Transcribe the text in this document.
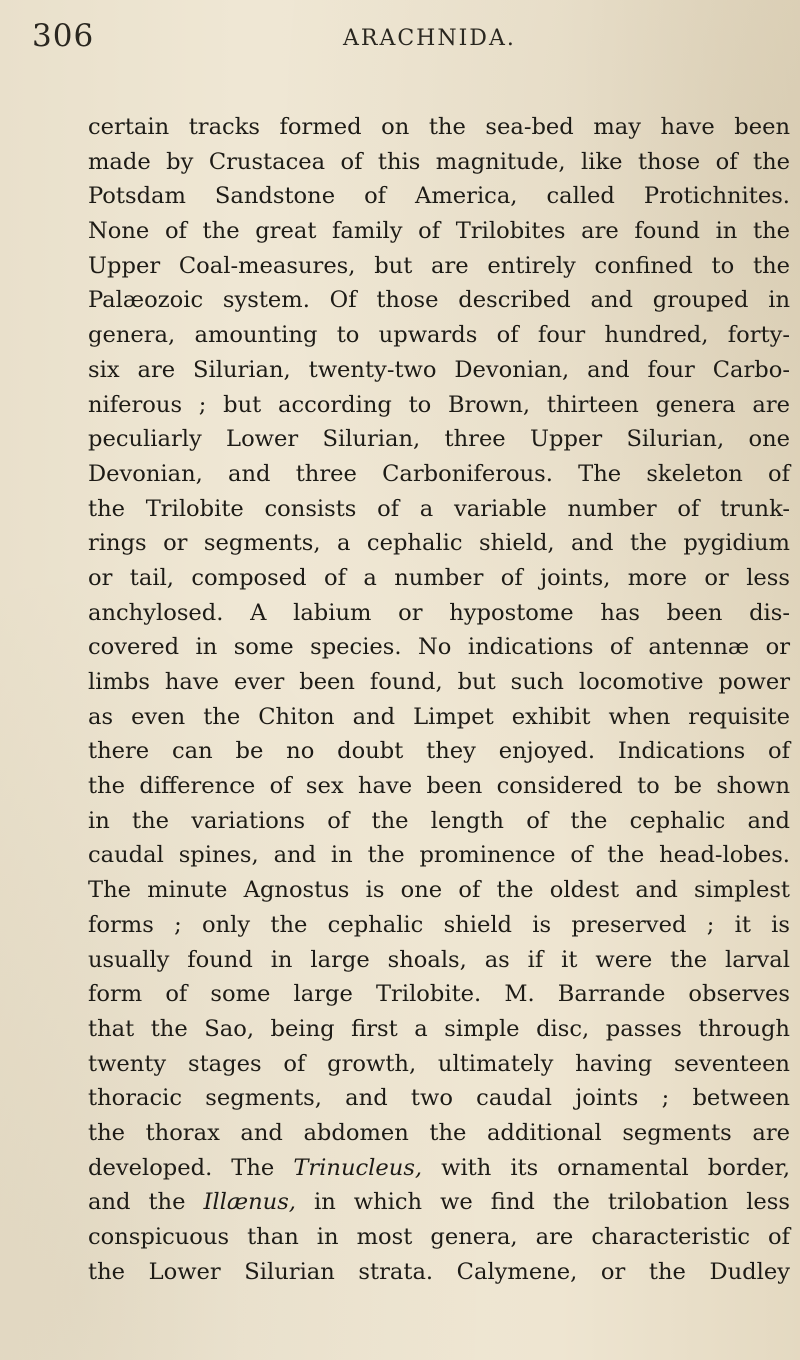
306	ARACHNIDA.
certain tracks formed on the sea-bed may have been
made by Crustacea of this magnitude, like those of the
Potsdam Sandstone of America, called Protichnites.
None of the great family of Trilobites are found in the
Upper Coal-measures, but are entirely confined to the
Palæozoic system. Of those described and grouped in
genera, amounting to upwards of four hundred, forty-
six are Silurian, twenty-two Devonian, and four Carbo-
niferous ; but according to Brown, thirteen genera are
peculiarly Lower Silurian, three Upper Silurian, one
Devonian, and three Carboniferous. The skeleton of
the Trilobite consists of a variable number of trunk-
rings or segments, a cephalic shield, and the pygidium
or tail, composed of a number of joints, more or less
anchylosed. A labium or hypostome has been dis-
covered in some species. No indications of antennæ or
limbs have ever been found, but such locomotive power
as even the Chiton and Limpet exhibit when requisite
there can be no doubt they enjoyed. Indications of
the difference of sex have been considered to be shown
in the variations of the length of the cephalic and
caudal spines, and in the prominence of the head-lobes.
The minute Agnostus is one of the oldest and simplest
forms ; only the cephalic shield is preserved ; it is
usually found in large shoals, as if it were the larval
form of some large Trilobite. M. Barrande observes
that the Sao, being first a simple disc, passes through
twenty stages of growth, ultimately having seventeen
thoracic segments, and two caudal joints ; between
the thorax and abdomen the additional segments are
developed. The Trinucleus, with its ornamental border,
and the Illænus, in which we find the trilobation less
conspicuous than in most genera, are characteristic of
the Lower Silurian strata. Calymene, or the Dudley
